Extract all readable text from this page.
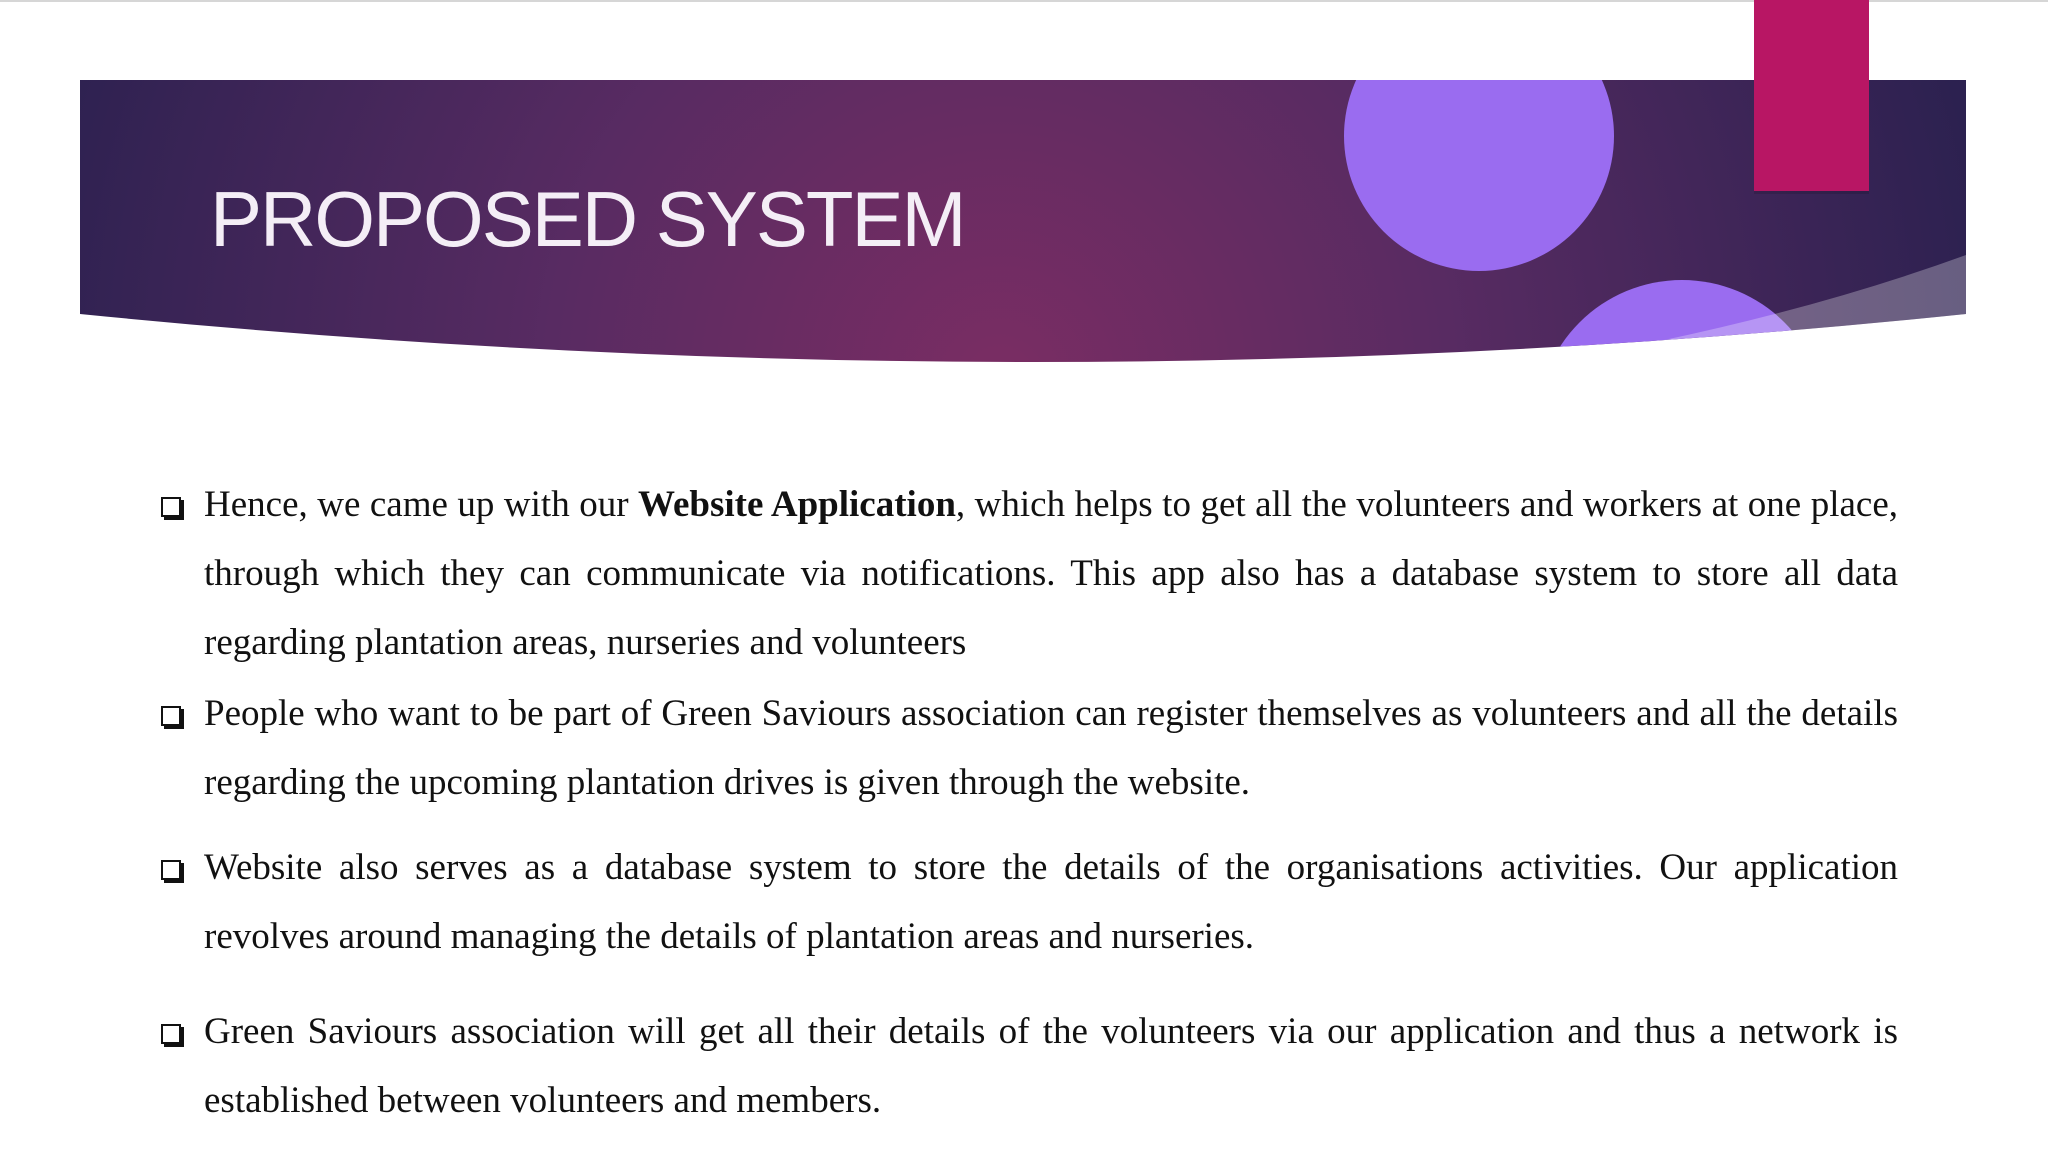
PROPOSED SYSTEM
Hence, we came up with our Website Application, which helps to get all the volunteers and workers at one place, through which they can communicate via notifications. This app also has a database system to store all data regarding plantation areas, nurseries and volunteers
People who want to be part of Green Saviours association can register themselves as volunteers and all the details regarding the upcoming plantation drives is given through the website.
Website also serves as a database system to store the details of the organisations activities. Our application revolves around managing the details of plantation areas and nurseries.
Green Saviours association will get all their details of the volunteers via our application and thus a network is established between volunteers and members.
